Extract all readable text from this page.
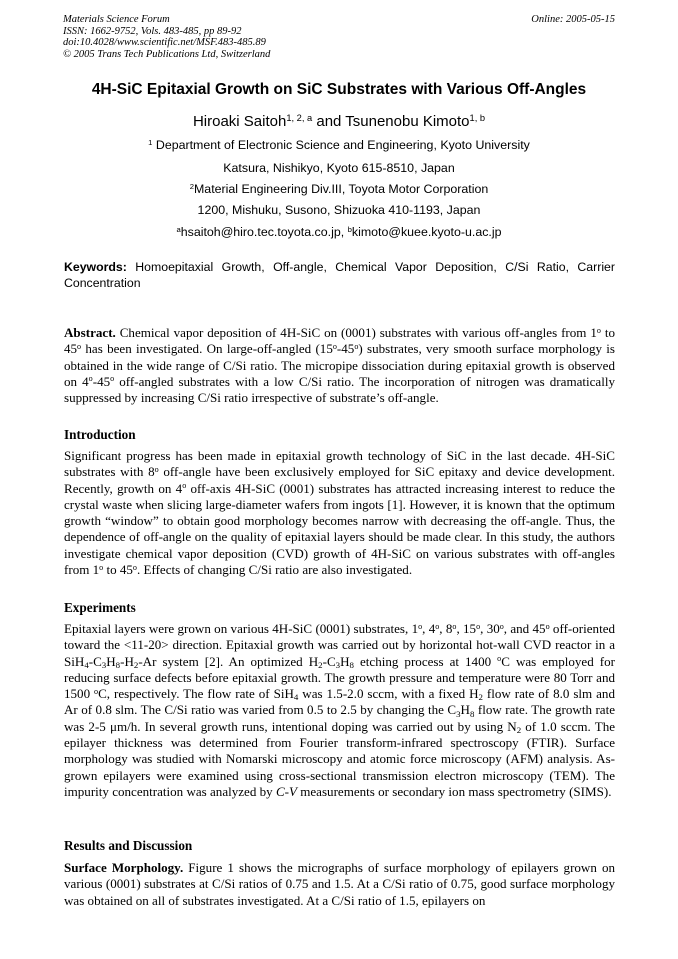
Materials Science Forum
ISSN: 1662-9752, Vols. 483-485, pp 89-92
doi:10.4028/www.scientific.net/MSF.483-485.89
© 2005 Trans Tech Publications Ltd, Switzerland
Online: 2005-05-15
4H-SiC Epitaxial Growth on SiC Substrates with Various Off-Angles
Hiroaki Saitoh$^{1, 2, a}$ and Tsunenobu Kimoto$^{1, b}$
$^1$ Department of Electronic Science and Engineering, Kyoto University
Katsura, Nishikyo, Kyoto 615-8510, Japan
$^2$Material Engineering Div.III, Toyota Motor Corporation
1200, Mishuku, Susono, Shizuoka 410-1193, Japan
$^a$hsaitoh@hiro.tec.toyota.co.jp, $^b$kimoto@kuee.kyoto-u.ac.jp
Keywords: Homoepitaxial Growth, Off-angle, Chemical Vapor Deposition, C/Si Ratio, Carrier Concentration
Abstract. Chemical vapor deposition of 4H-SiC on (0001) substrates with various off-angles from 1$^o$ to 45$^o$ has been investigated. On large-off-angled (15$^o$-45$^o$) substrates, very smooth surface morphology is obtained in the wide range of C/Si ratio. The micropipe dissociation during epitaxial growth is observed on 4$^o$-45$^o$ off-angled substrates with a low C/Si ratio. The incorporation of nitrogen was dramatically suppressed by increasing C/Si ratio irrespective of substrate’s off-angle.
Introduction
Significant progress has been made in epitaxial growth technology of SiC in the last decade. 4H-SiC substrates with 8$^o$ off-angle have been exclusively employed for SiC epitaxy and device development. Recently, growth on 4$^o$ off-axis 4H-SiC (0001) substrates has attracted increasing interest to reduce the crystal waste when slicing large-diameter wafers from ingots [1]. However, it is known that the optimum growth “window” to obtain good morphology becomes narrow with decreasing the off-angle. Thus, the dependence of off-angle on the quality of epitaxial layers should be made clear. In this study, the authors investigate chemical vapor deposition (CVD) growth of 4H-SiC on various substrates with off-angles from 1$^o$ to 45$^o$. Effects of changing C/Si ratio are also investigated.
Experiments
Epitaxial layers were grown on various 4H-SiC (0001) substrates, 1$^o$, 4$^o$, 8$^o$, 15$^o$, 30$^o$, and 45$^o$ off-oriented toward the <11-20> direction. Epitaxial growth was carried out by horizontal hot-wall CVD reactor in a $SiH_4-C_3H_8-H_2-Ar$ system [2]. An optimized $H_2-C_3H_8$ etching process at 1400 $^o$C was employed for reducing surface defects before epitaxial growth. The growth pressure and temperature were 80 Torr and 1500 $^o$C, respectively. The flow rate of SiH$_4$ was 1.5-2.0 sccm, with a fixed $H_2$ flow rate of 8.0 slm and Ar of 0.8 slm. The C/Si ratio was varied from 0.5 to 2.5 by changing the $C_3H_8$ flow rate. The growth rate was 2-5 μm/h. In several growth runs, intentional doping was carried out by using $N_2$ of 1.0 sccm. The epilayer thickness was determined from Fourier transform-infrared spectroscopy (FTIR). Surface morphology was studied with Nomarski microscopy and atomic force microscopy (AFM) analysis. As-grown epilayers were examined using cross-sectional transmission electron microscopy (TEM). The impurity concentration was analyzed by C-V measurements or secondary ion mass spectrometry (SIMS).
Results and Discussion
Surface Morphology. Figure 1 shows the micrographs of surface morphology of epilayers grown on various (0001) substrates at C/Si ratios of 0.75 and 1.5. At a C/Si ratio of 0.75, good surface morphology was obtained on all of substrates investigated. At a C/Si ratio of 1.5, epilayers on
